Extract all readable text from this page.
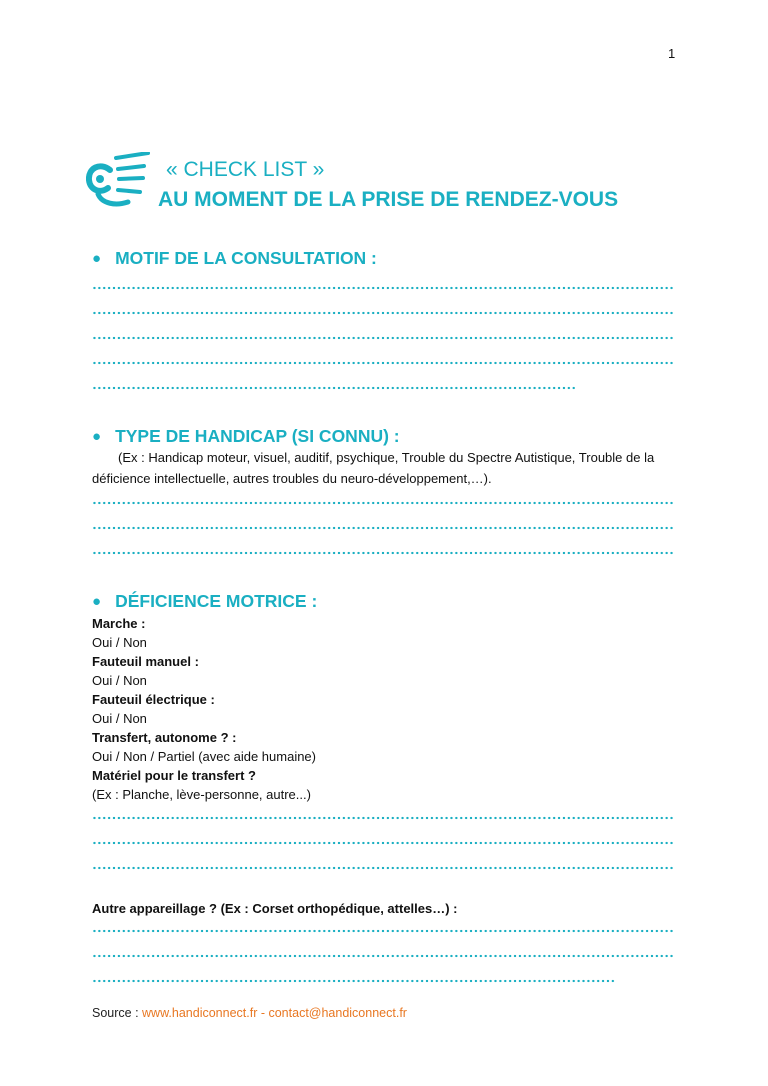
1
« CHECK LIST »
AU MOMENT DE LA PRISE DE RENDEZ-VOUS
● MOTIF DE LA CONSULTATION :
● TYPE DE HANDICAP (SI CONNU) :
(Ex : Handicap moteur, visuel, auditif, psychique, Trouble du Spectre Autistique, Trouble de la déficience intellectuelle, autres troubles du neuro-développement,…).
● DÉFICIENCE MOTRICE :
Marche :
Oui / Non
Fauteuil manuel :
Oui / Non
Fauteuil électrique :
Oui / Non
Transfert, autonome ? :
Oui / Non / Partiel (avec aide humaine)
Matériel pour le transfert ?
(Ex : Planche, lève-personne, autre...)
Autre appareillage ? (Ex : Corset orthopédique, attelles…) :
Source : www.handiconnect.fr - contact@handiconnect.fr
